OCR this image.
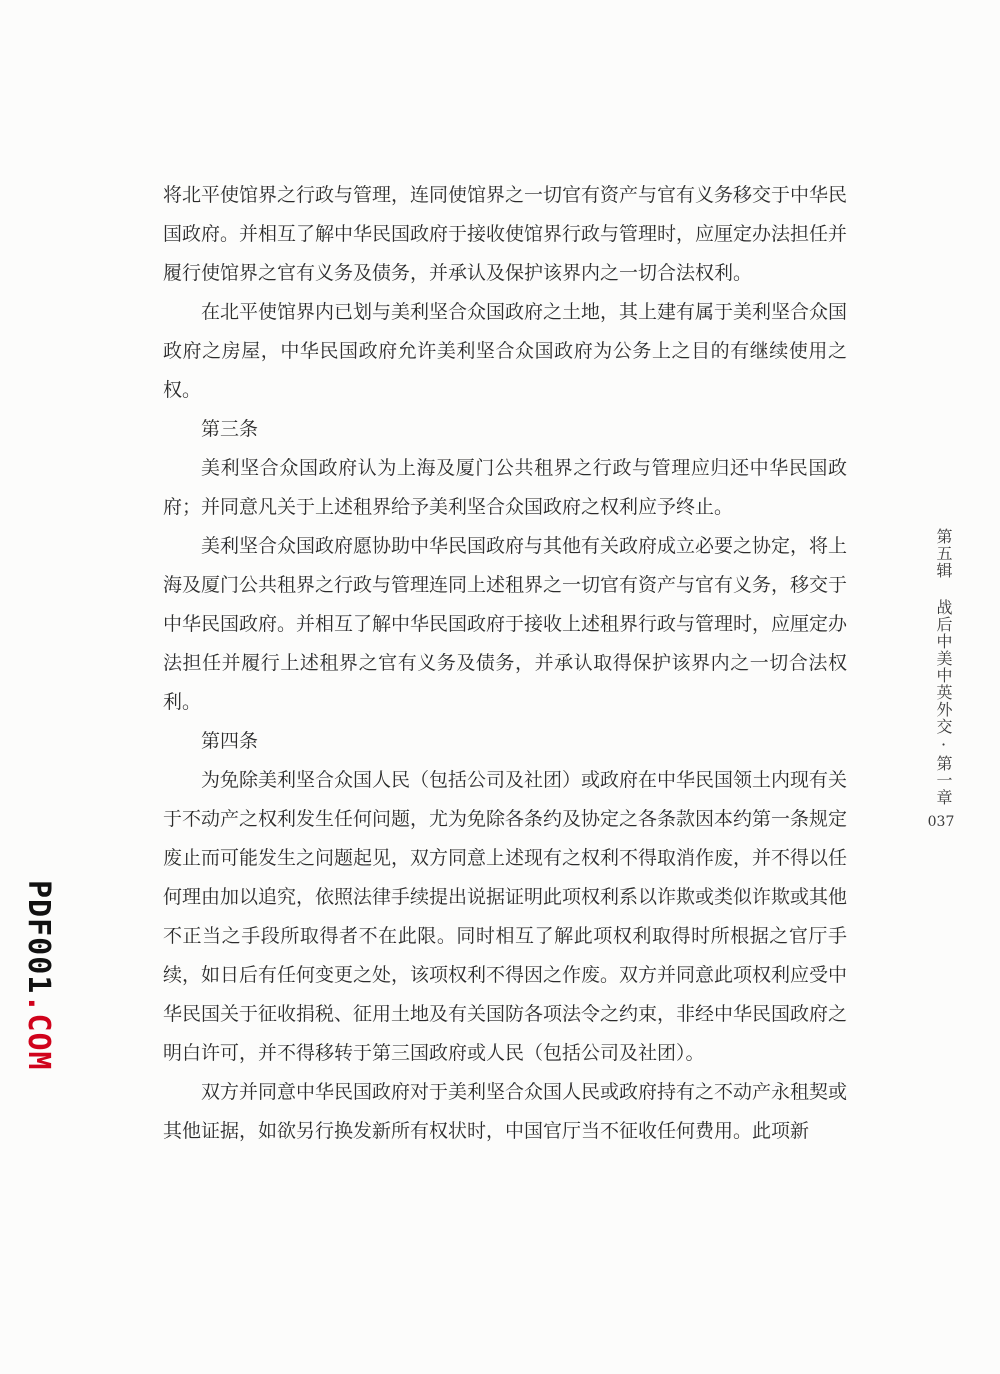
将北平使馆界之行政与管理，连同使馆界之一切官有资产与官有义务移交于中华民国政府。并相互了解中华民国政府于接收使馆界行政与管理时，应厘定办法担任并履行使馆界之官有义务及债务，并承认及保护该界内之一切合法权利。

在北平使馆界内已划与美利坚合众国政府之土地，其上建有属于美利坚合众国政府之房屋，中华民国政府允许美利坚合众国政府为公务上之目的有继续使用之权。

第三条

美利坚合众国政府认为上海及厦门公共租界之行政与管理应归还中华民国政府；并同意凡关于上述租界给予美利坚合众国政府之权利应予终止。

美利坚合众国政府愿协助中华民国政府与其他有关政府成立必要之协定，将上海及厦门公共租界之行政与管理连同上述租界之一切官有资产与官有义务，移交于中华民国政府。并相互了解中华民国政府于接收上述租界行政与管理时，应厘定办法担任并履行上述租界之官有义务及债务，并承认取得保护该界内之一切合法权利。

第四条

为免除美利坚合众国人民（包括公司及社团）或政府在中华民国领土内现有关于不动产之权利发生任何问题，尤为免除各条约及协定之各条款因本约第一条规定废止而可能发生之问题起见，双方同意上述现有之权利不得取消作废，并不得以任何理由加以追究，依照法律手续提出说据证明此项权利系以诈欺或类似诈欺或其他不正当之手段所取得者不在此限。同时相互了解此项权利取得时所根据之官厅手续，如日后有任何变更之处，该项权利不得因之作废。双方并同意此项权利应受中华民国关于征收捐税、征用土地及有关国防各项法令之约束，非经中华民国政府之明白许可，并不得移转于第三国政府或人民（包括公司及社团）。

双方并同意中华民国政府对于美利坚合众国人民或政府持有之不动产永租契或其他证据，如欲另行换发新所有权状时，中国官厅当不征收任何费用。此项新

第五辑 战后中美中英外交·第一章
037
PDF001.COM
